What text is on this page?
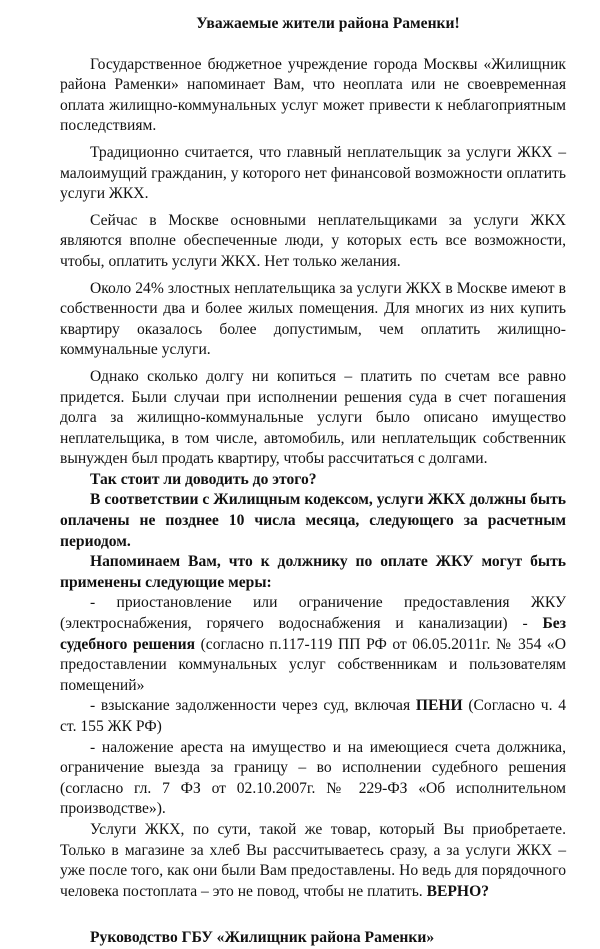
Уважаемые жители района Раменки!

Государственное бюджетное учреждение города Москвы «Жилищник района Раменки» напоминает Вам, что неоплата или не своевременная оплата жилищно-коммунальных услуг может привести к неблагоприятным последствиям.

Традиционно считается, что главный неплательщик за услуги ЖКХ – малоимущий гражданин, у которого нет финансовой возможности оплатить услуги ЖКХ.

Сейчас в Москве основными неплательщиками за услуги ЖКХ являются вполне обеспеченные люди, у которых есть все возможности, чтобы, оплатить услуги ЖКХ. Нет только желания.

Около 24% злостных неплательщика за услуги ЖКХ в Москве имеют в собственности два и более жилых помещения. Для многих из них купить квартиру оказалось более допустимым, чем оплатить жилищно-коммунальные услуги.

Однако сколько долгу ни копиться – платить по счетам все равно придется. Были случаи при исполнении решения суда в счет погашения долга за жилищно-коммунальные услуги было описано имущество неплательщика, в том числе, автомобиль, или неплательщик собственник вынужден был продать квартиру, чтобы рассчитаться с долгами.

Так стоит ли доводить до этого?

В соответствии с Жилищным кодексом, услуги ЖКХ должны быть оплачены не позднее 10 числа месяца, следующего за расчетным периодом.

Напоминаем Вам, что к должнику по оплате ЖКУ могут быть применены следующие меры:

- приостановление или ограничение предоставления ЖКУ (электроснабжения, горячего водоснабжения и канализации) - Без судебного решения (согласно п.117-119 ПП РФ от 06.05.2011г. № 354 «О предоставлении коммунальных услуг собственникам и пользователям помещений»

- взыскание задолженности через суд, включая ПЕНИ (Согласно ч. 4 ст. 155 ЖК РФ)

- наложение ареста на имущество и на имеющиеся счета должника, ограничение выезда за границу – во исполнении судебного решения (согласно гл. 7 ФЗ от 02.10.2007г. № 229-ФЗ «Об исполнительном производстве»).

Услуги ЖКХ, по сути, такой же товар, который Вы приобретаете. Только в магазине за хлеб Вы рассчитываетесь сразу, а за услуги ЖКХ – уже после того, как они были Вам предоставлены. Но ведь для порядочного человека постоплата – это не повод, чтобы не платить. ВЕРНО?

Руководство ГБУ «Жилищник района Раменки»
